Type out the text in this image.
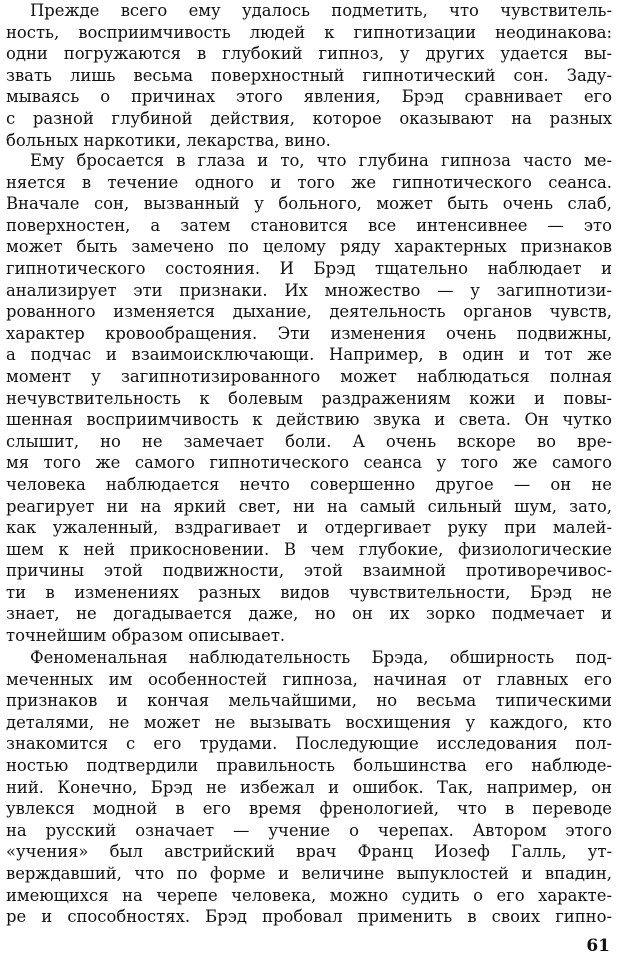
Прежде всего ему удалось подметить, что чувствитель-
ность, восприимчивость людей к гипнотизации неодинакова:
одни погружаются в глубокий гипноз, у других удается вы-
звать лишь весьма поверхностный гипнотический сон. Заду-
мываясь о причинах этого явления, Брэд сравнивает его
с разной глубиной действия, которое оказывают на разных
больных наркотики, лекарства, вино.
Ему бросается в глаза и то, что глубина гипноза часто ме-
няется в течение одного и того же гипнотического сеанса.
Вначале сон, вызванный у больного, может быть очень слаб,
поверхностен, а затем становится все интенсивнее — это
может быть замечено по целому ряду характерных признаков
гипнотического состояния. И Брэд тщательно наблюдает и
анализирует эти признаки. Их множество — у загипнотизи-
рованного изменяется дыхание, деятельность органов чувств,
характер кровообращения. Эти изменения очень подвижны,
а подчас и взаимоисключающи. Например, в один и тот же
момент у загипнотизированного может наблюдаться полная
нечувствительность к болевым раздражениям кожи и повы-
шенная восприимчивость к действию звука и света. Он чутко
слышит, но не замечает боли. А очень вскоре во вре-
мя того же самого гипнотического сеанса у того же самого
человека наблюдается нечто совершенно другое — он не
реагирует ни на яркий свет, ни на самый сильный шум, зато,
как ужаленный, вздрагивает и отдергивает руку при малей-
шем к ней прикосновении. В чем глубокие, физиологические
причины этой подвижности, этой взаимной противоречивос-
ти в изменениях разных видов чувствительности, Брэд не
знает, не догадывается даже, но он их зорко подмечает и
точнейшим образом описывает.
Феноменальная наблюдательность Брэда, обширность под-
меченных им особенностей гипноза, начиная от главных его
признаков и кончая мельчайшими, но весьма типическими
деталями, не может не вызывать восхищения у каждого, кто
знакомится с его трудами. Последующие исследования пол-
ностью подтвердили правильность большинства его наблюде-
ний. Конечно, Брэд не избежал и ошибок. Так, например, он
увлекся модной в его время френологией, что в переводе
на русский означает — учение о черепах. Автором этого
«учения» был австрийский врач Франц Иозеф Галль, ут-
верждавший, что по форме и величине выпуклостей и впадин,
имеющихся на черепе человека, можно судить о его характе-
ре и способностях. Брэд пробовал применить в своих гипно-
61
